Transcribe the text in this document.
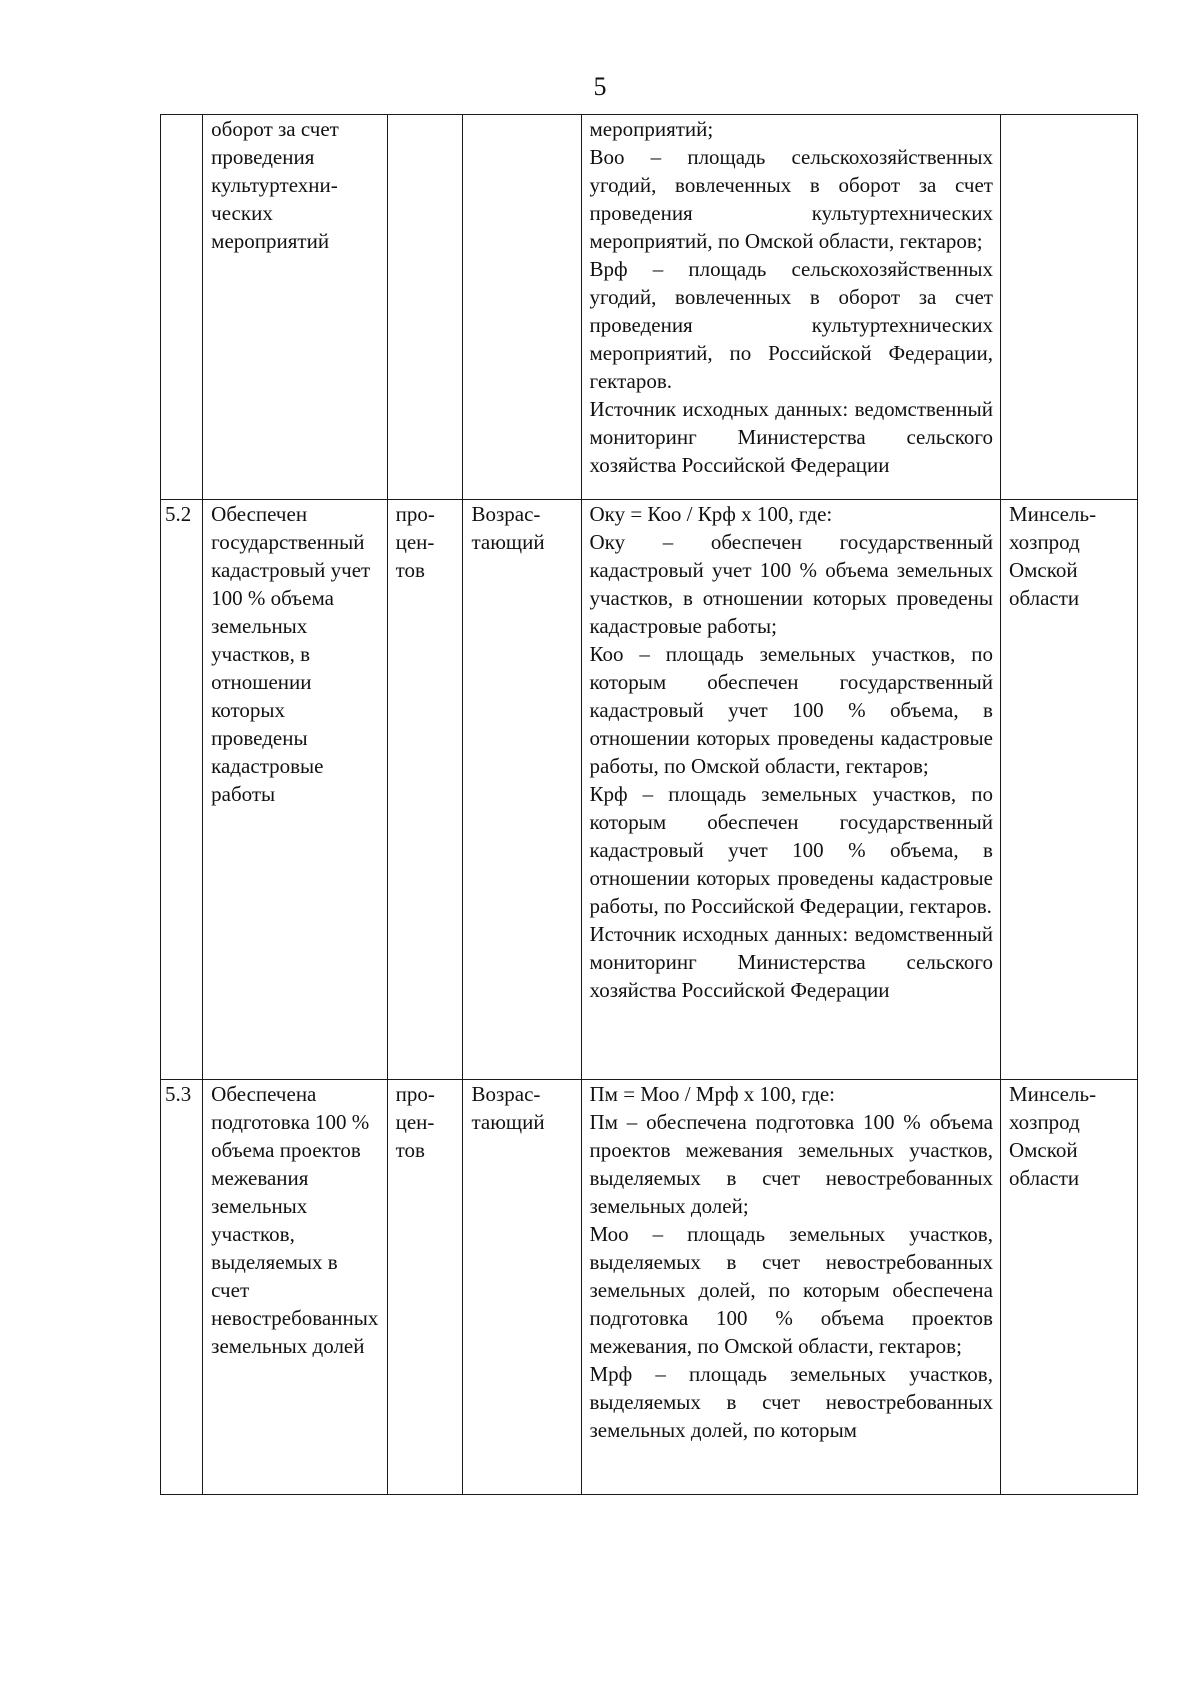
5
	оборот за счет проведения культуртехнических мероприятий			мероприятий;

Воо – площадь сельскохозяйственных угодий, вовлеченных в оборот за счет проведения культуртехнических мероприятий, по Омской области, гектаров;

Врф – площадь сельскохозяйственных угодий, вовлеченных в оборот за счет проведения культуртехнических мероприятий, по Российской Федерации, гектаров.

Источник исходных данных: ведомственный мониторинг Министерства сельского хозяйства Российской Федерации	

5.2	Обеспечен государственный кадастровый учет 100 % объема земельных участков, в отношении которых проведены кадастровые работы	процентов	Возрастающий	Оку = Коо / Крф х 100, где:

Оку – обеспечен государственный кадастровый учет 100 % объема земельных участков, в отношении которых проведены кадастровые работы;

Коо – площадь земельных участков, по которым обеспечен государственный кадастровый учет 100 % объема, в отношении которых проведены кадастровые работы, по Омской области, гектаров;

Крф – площадь земельных участков, по которым обеспечен государственный кадастровый учет 100 % объема, в отношении которых проведены кадастровые работы, по Российской Федерации, гектаров.

Источник исходных данных: ведомственный мониторинг Министерства сельского хозяйства Российской Федерации	Минсельхозпрод Омской области
5.3	Обеспечена подготовка 100 % объема проектов межевания земельных участков, выделяемых в счет невостребованных земельных долей	процентов	Возрастающий	Пм = Моо / Мрф х 100, где:

Пм – обеспечена подготовка 100 % объема проектов межевания земельных участков, выделяемых в счет невостребованных земельных долей;

Моо – площадь земельных участков, выделяемых в счет невостребованных земельных долей, по которым обеспечена подготовка 100 % объема проектов межевания, по Омской области, гектаров;

Мрф – площадь земельных участков, выделяемых в счет невостребованных земельных долей, по которым	Минсельхозпрод Омской области
